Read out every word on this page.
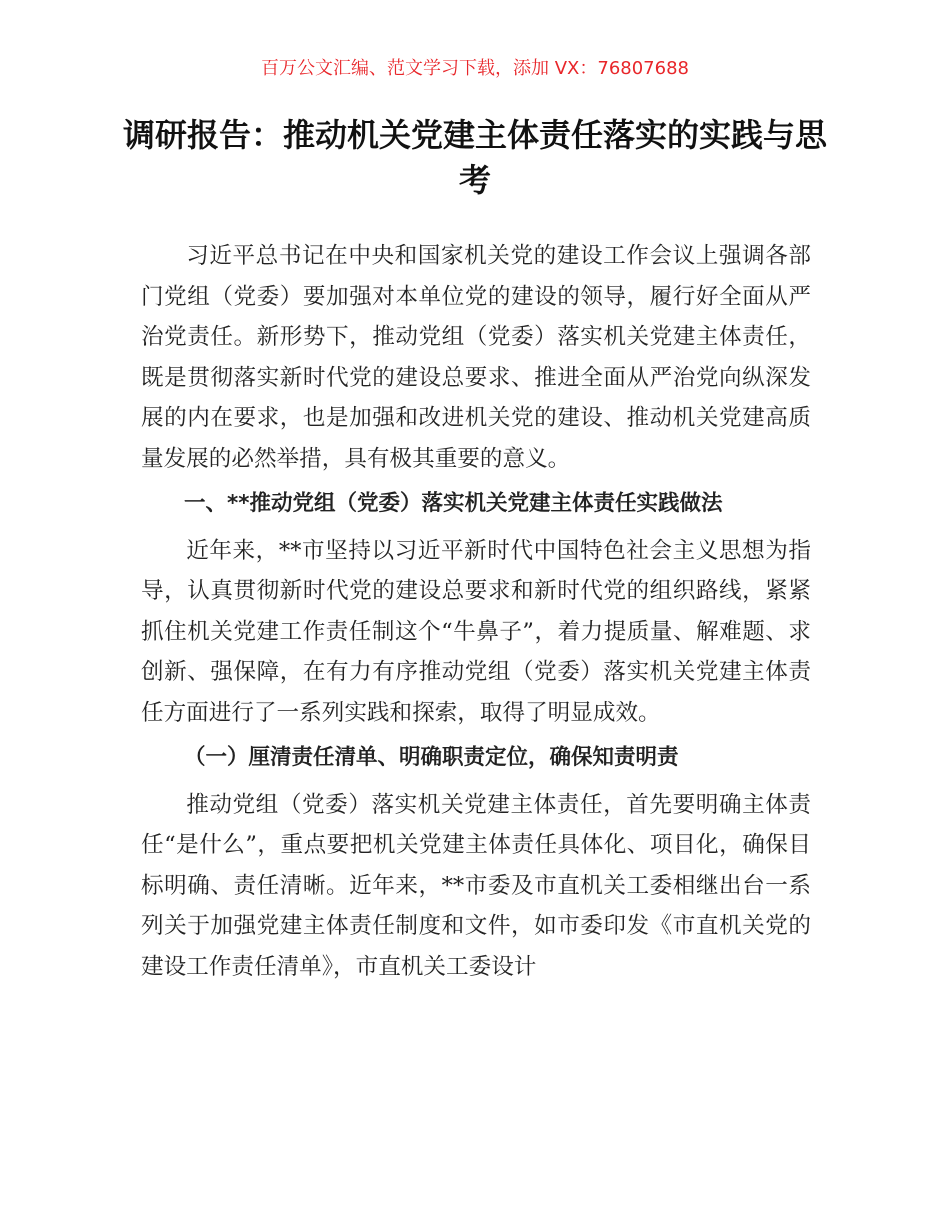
百万公文汇编、范文学习下载，添加 VX：76807688
调研报告：推动机关党建主体责任落实的实践与思考

习近平总书记在中央和国家机关党的建设工作会议上强调各部门党组（党委）要加强对本单位党的建设的领导，履行好全面从严治党责任。新形势下，推动党组（党委）落实机关党建主体责任，既是贯彻落实新时代党的建设总要求、推进全面从严治党向纵深发展的内在要求，也是加强和改进机关党的建设、推动机关党建高质量发展的必然举措，具有极其重要的意义。

一、**推动党组（党委）落实机关党建主体责任实践做法

近年来，**市坚持以习近平新时代中国特色社会主义思想为指导，认真贯彻新时代党的建设总要求和新时代党的组织路线，紧紧抓住机关党建工作责任制这个“牛鼻子”，着力提质量、解难题、求创新、强保障，在有力有序推动党组（党委）落实机关党建主体责任方面进行了一系列实践和探索，取得了明显成效。

（一）厘清责任清单、明确职责定位，确保知责明责

推动党组（党委）落实机关党建主体责任，首先要明确主体责任“是什么”，重点要把机关党建主体责任具体化、项目化，确保目标明确、责任清晰。近年来，**市委及市直机关工委相继出台一系列关于加强党建主体责任制度和文件，如市委印发《市直机关党的建设工作责任清单》，市直机关工委设计
